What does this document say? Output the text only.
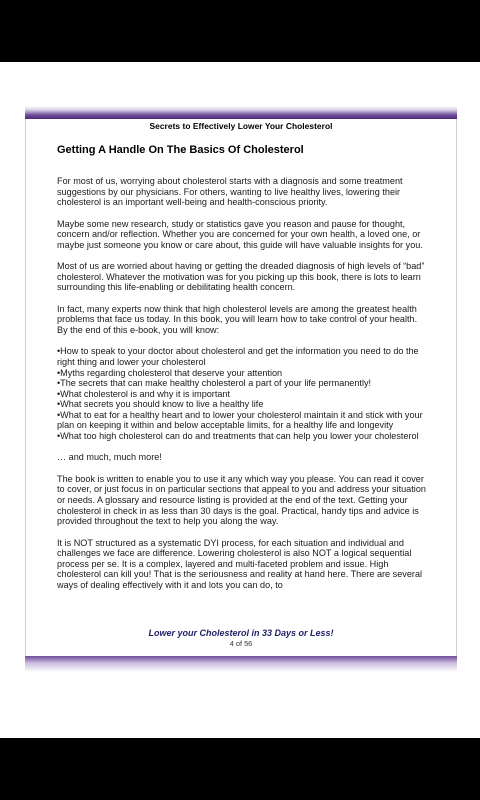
Secrets to Effectively Lower Your Cholesterol
Getting A Handle On The Basics Of Cholesterol
For most of us, worrying about cholesterol starts with a diagnosis and some treatment suggestions by our physicians. For others, wanting to live healthy lives, lowering their cholesterol is an important well-being and health-conscious priority.
Maybe some new research, study or statistics gave you reason and pause for thought, concern and/or reflection. Whether you are concerned for your own health, a loved one, or maybe just someone you know or care about, this guide will have valuable insights for you.
Most of us are worried about having or getting the dreaded diagnosis of high levels of “bad” cholesterol. Whatever the motivation was for you picking up this book, there is lots to learn surrounding this life-enabling or debilitating health concern.
In fact, many experts now think that high cholesterol levels are among the greatest health problems that face us today. In this book, you will learn how to take control of your health. By the end of this e-book, you will know:
•How to speak to your doctor about cholesterol and get the information you need to do the right thing and lower your cholesterol
•Myths regarding cholesterol that deserve your attention
•The secrets that can make healthy cholesterol a part of your life permanently!
•What cholesterol is and why it is important
•What secrets you should know to live a healthy life
•What to eat for a healthy heart and to lower your cholesterol maintain it and stick with your plan on keeping it within and below acceptable limits, for a healthy life and longevity
•What too high cholesterol can do and treatments that can help you lower your cholesterol
… and much, much more!
The book is written to enable you to use it any which way you please. You can read it cover to cover, or just focus in on particular sections that appeal to you and address your situation or needs. A glossary and resource listing is provided at the end of the text. Getting your cholesterol in check in as less than 30 days is the goal. Practical, handy tips and advice is provided throughout the text to help you along the way.
It is NOT structured as a systematic DYI process, for each situation and individual and challenges we face are difference. Lowering cholesterol is also NOT a logical sequential process per se. It is a complex, layered and multi-faceted problem and issue. High cholesterol can kill you! That is the seriousness and reality at hand here. There are several ways of dealing effectively with it and lots you can do, to
Lower your Cholesterol in 33 Days or Less!
4 of 56
